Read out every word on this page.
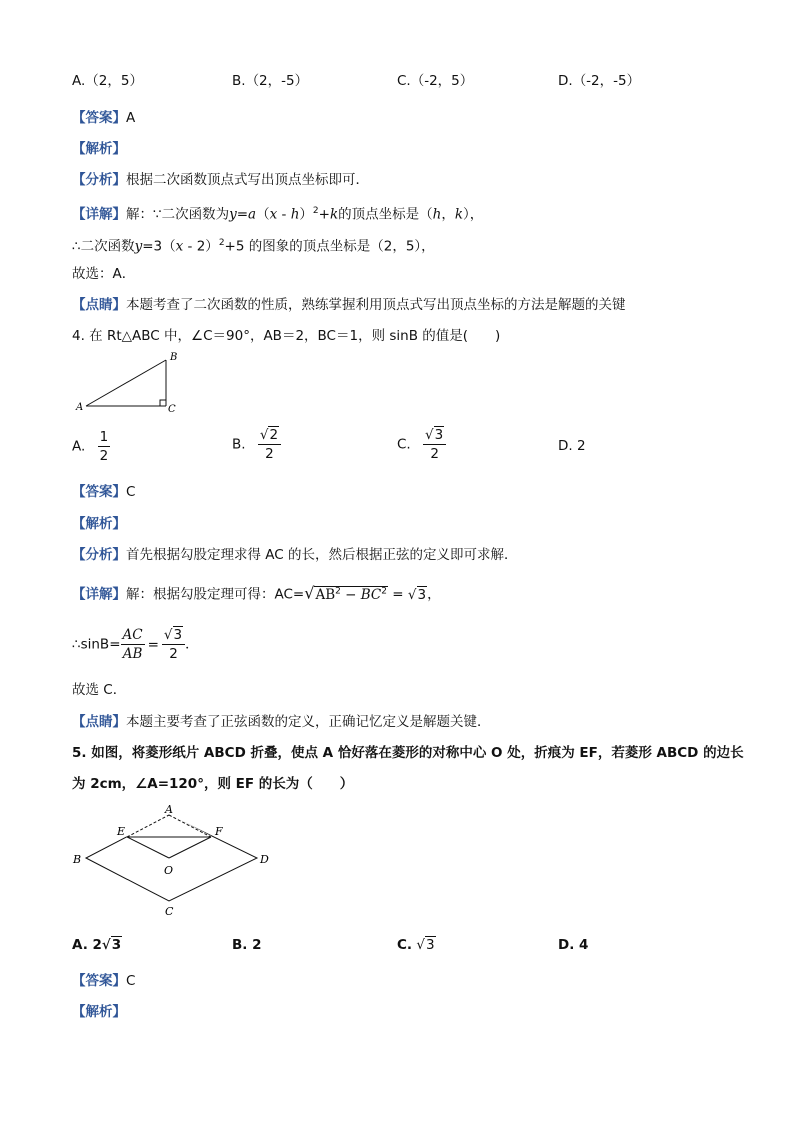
A.（2，5）	B.（2，-5）	C.（-2，5）	D.（-2，-5）
【答案】A
【解析】
【分析】根据二次函数顶点式写出顶点坐标即可．
【详解】解：∵二次函数为y=a（x - h）$^2$+k的顶点坐标是（h，k），
∴二次函数y=3（x - 2）$^2$+5 的图象的顶点坐标是（2，5），
故选：A．
【点睛】本题考查了二次函数的性质，熟练掌握利用顶点式写出顶点坐标的方法是解题的关键
4. 在 Rt△ABC 中，∠C＝90°，AB＝2，BC＝1，则 sinB 的值是(　　)
A
B
C
A. $\frac{1}{2}$	B. $\frac{√2}{2}$	C. $\frac{√3}{2}$	D. 2
【答案】C
【解析】
【分析】首先根据勾股定理求得 AC 的长，然后根据正弦的定义即可求解．
【详解】解：根据勾股定理可得：$AC=√AB^2 - BC^2 = √3$，
∴sinB= $\frac{AC}{AB} = \frac{√3}{2}$ ．
故选 C．
【点睛】本题主要考查了正弦函数的定义，正确记忆定义是解题关键．
5. 如图，将菱形纸片 ABCD 折叠，使点 A 恰好落在菱形的对称中心 O 处，折痕为 EF，若菱形 ABCD 的边长
为 2cm，∠A=120°，则 EF 的长为（　　）
A
E	F
B	D
O
C
A. 2√3	B. 2	C. √3	D. 4
【答案】C
【解析】
